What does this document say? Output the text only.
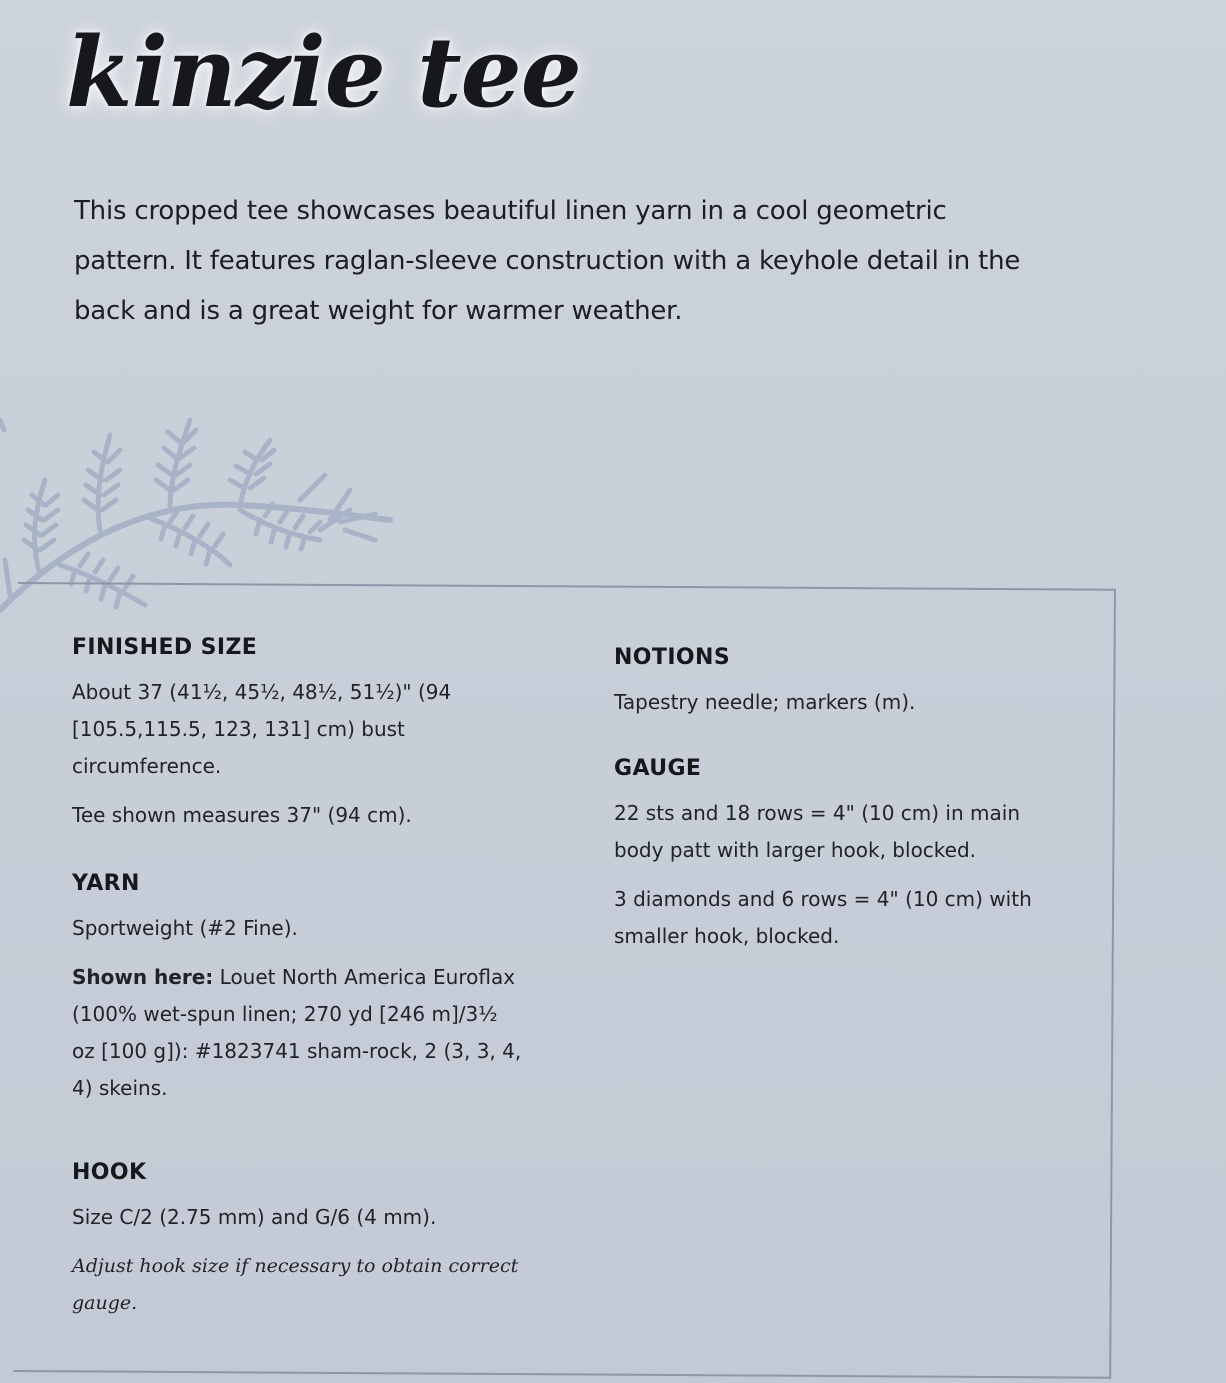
kinzie tee
This cropped tee showcases beautiful linen yarn in a cool geometric pattern. It features raglan-sleeve construction with a keyhole detail in the back and is a great weight for warmer weather.
FINISHED SIZE
About 37 (41½, 45½, 48½, 51½)" (94 [105.5,115.5, 123, 131] cm) bust circumference.
Tee shown measures 37" (94 cm).
YARN
Sportweight (#2 Fine).
Shown here: Louet North America Euroflax (100% wet-spun linen; 270 yd [246 m]/3½ oz [100 g]): #1823741 sham-rock, 2 (3, 3, 4, 4) skeins.
HOOK
Size C/2 (2.75 mm) and G/6 (4 mm).
Adjust hook size if necessary to obtain correct gauge.
NOTIONS
Tapestry needle; markers (m).
GAUGE
22 sts and 18 rows = 4" (10 cm) in main body patt with larger hook, blocked.
3 diamonds and 6 rows = 4" (10 cm) with smaller hook, blocked.
